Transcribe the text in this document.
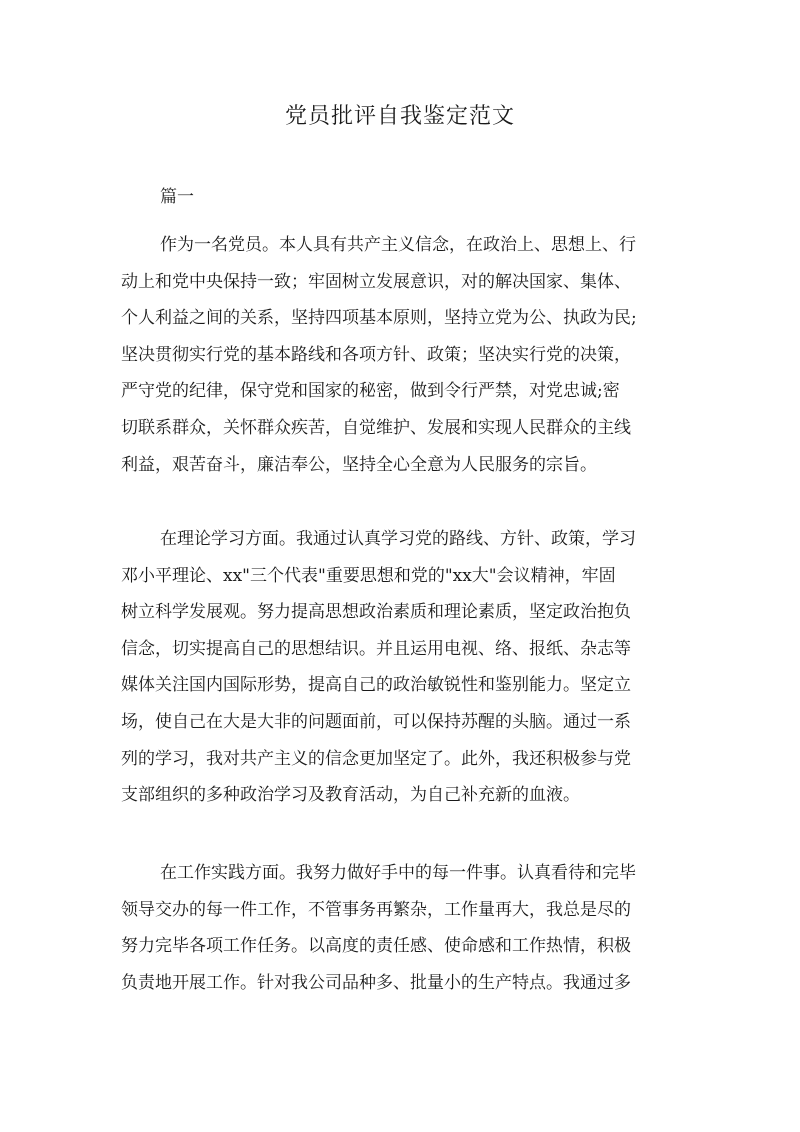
党员批评自我鉴定范文

篇一

作为一名党员。本人具有共产主义信念，在政治上、思想上、行
动上和党中央保持一致；牢固树立发展意识，对的解决国家、集体、
个人利益之间的关系，坚持四项基本原则，坚持立党为公、执政为民;
坚决贯彻实行党的基本路线和各项方针、政策；坚决实行党的决策，
严守党的纪律，保守党和国家的秘密，做到令行严禁，对党忠诚;密
切联系群众，关怀群众疾苦，自觉维护、发展和实现人民群众的主线
利益，艰苦奋斗，廉洁奉公，坚持全心全意为人民服务的宗旨。
在理论学习方面。我通过认真学习党的路线、方针、政策，学习
邓小平理论、xx"三个代表"重要思想和党的"xx大"会议精神，牢固
树立科学发展观。努力提高思想政治素质和理论素质，坚定政治抱负
信念，切实提高自己的思想结识。并且运用电视、络、报纸、杂志等
媒体关注国内国际形势，提高自己的政治敏锐性和鉴别能力。坚定立
场，使自己在大是大非的问题面前，可以保持苏醒的头脑。通过一系
列的学习，我对共产主义的信念更加坚定了。此外，我还积极参与党
支部组织的多种政治学习及教育活动，为自己补充新的血液。
在工作实践方面。我努力做好手中的每一件事。认真看待和完毕
领导交办的每一件工作，不管事务再繁杂，工作量再大，我总是尽的
努力完毕各项工作任务。以高度的责任感、使命感和工作热情，积极
负责地开展工作。针对我公司品种多、批量小的生产特点。我通过多
